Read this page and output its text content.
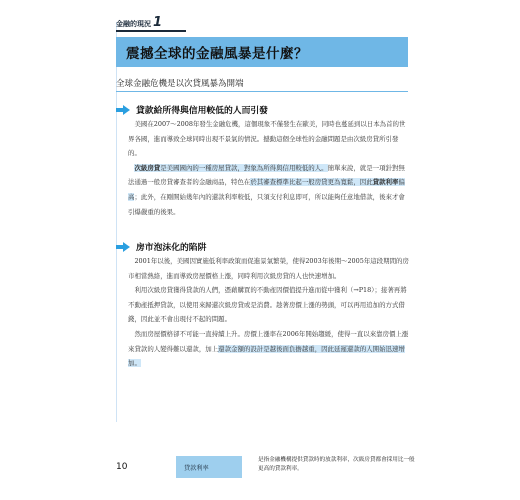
金融的現況 1
震撼全球的金融風暴是什麼？
全球金融危機是以次貸風暴為開端
貸款給所得與信用較低的人而引發

美國在2007～2008年發生金融危機，這個現象不僅發生在歐美，同時也蔓延到以日本為首的世界各國，進而導致全球同時出現不景氣的情況。撼動這個全球性的金融問題是由次級房貸所引發的。

次級房貸是美國國內的一種房屋貸款，對象為所得與信用較低的人。簡單來說，就是一項針對無法通過一般房貸審查者的金融商品，特色在於其審查標準比起一般房貸更為寬鬆，因此貸款利率偏高；此外，在剛開始幾年內的還款利率較低，只須支付利息即可，所以能夠任意地借款，後來才會引爆嚴重的後果。

房市泡沫化的陷阱

2001年以後，美國因實施低利率政策而促進景氣繁榮，使得2003年後期～2005年這段期間的房市相當熱絡，進而導致房屋價格上漲，同時利用次級房貸的人也快速增加。

利用次級房貸獲得貸款的人們，憑藉購買的不動產因價值提升進而從中獲利（→P18）；接著再將不動產抵押貸款，以使用來歸還次級房貸或是消費。趁著房價上漲的勢頭，可以再用追加的方式借錢，因此並不會出現付不起的問題。

然而房屋價格卻不可能一直持續上升。房價上漲率在2006年開始趨緩，使得一直以來靠房價上漲來貸款的人變得難以還款，加上還款金額的設計是越後面負擔越重，因此延遲還款的人開始迅速增加。

10	貸款利率
是指金融機構提供貸款時的放款利率，次級房貸都會採用比一般更高的貸款利率。
